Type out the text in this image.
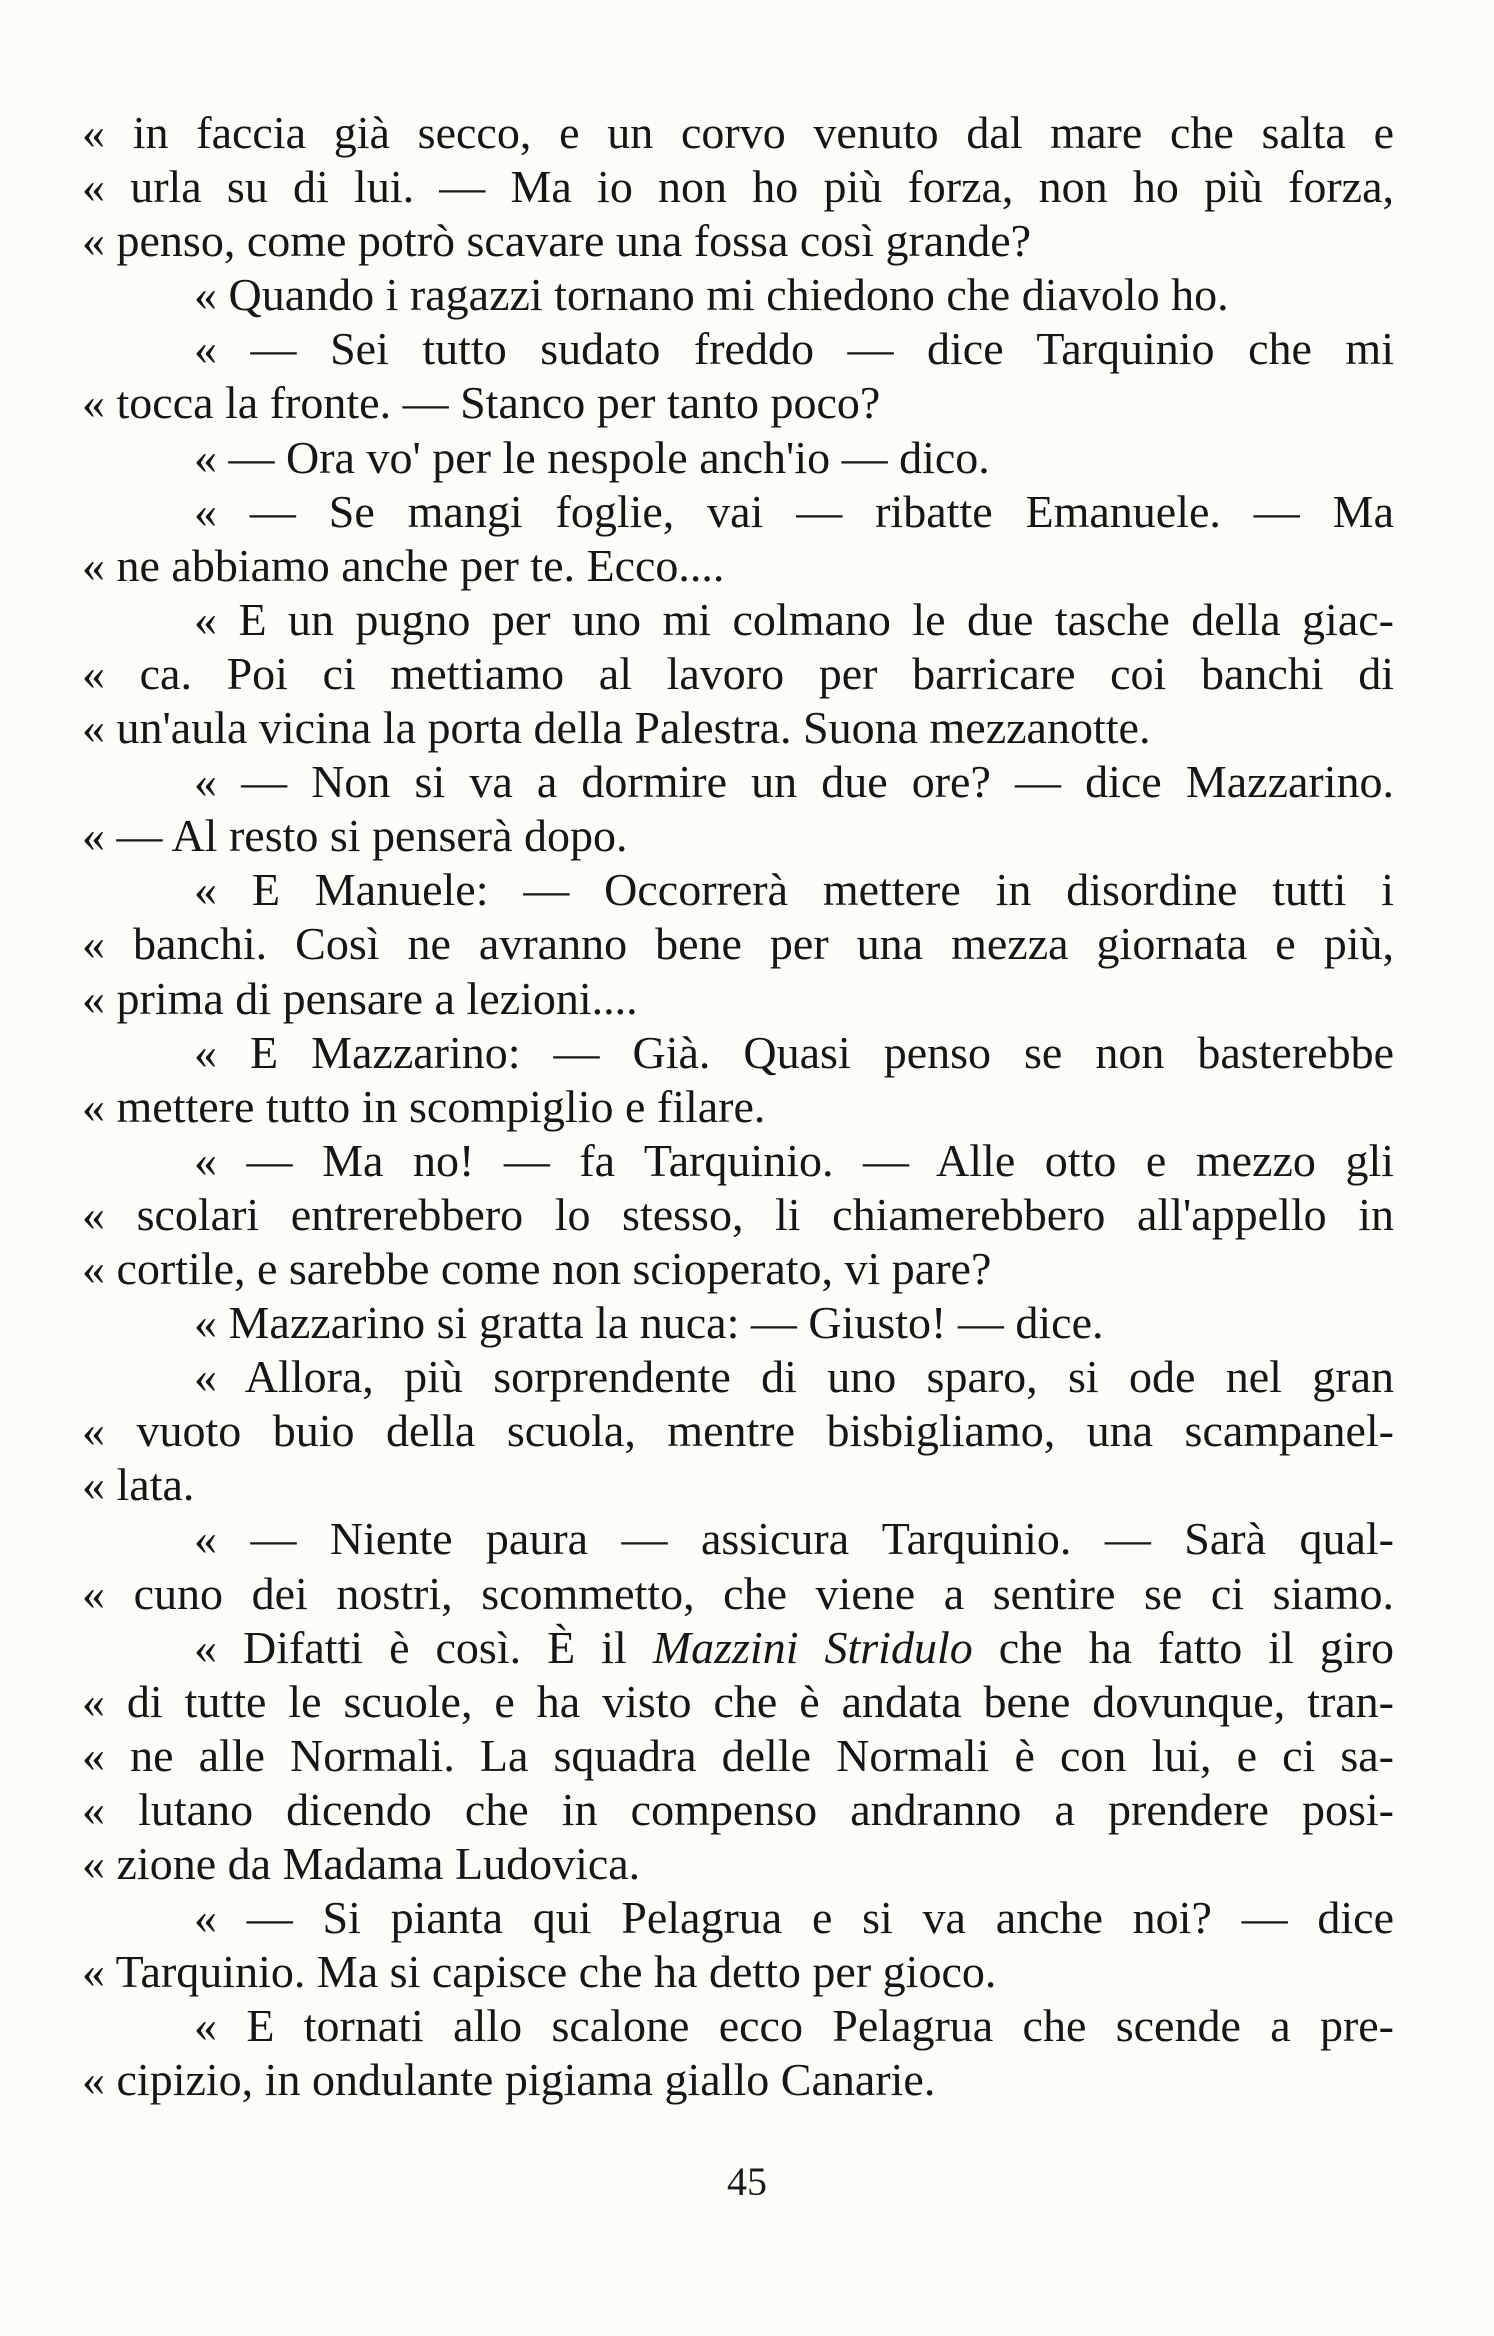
« in faccia già secco, e un corvo venuto dal mare che salta e
« urla su di lui. — Ma io non ho più forza, non ho più forza,
« penso, come potrò scavare una fossa così grande?
« Quando i ragazzi tornano mi chiedono che diavolo ho.
« — Sei tutto sudato freddo — dice Tarquinio che mi
« tocca la fronte. — Stanco per tanto poco?
« — Ora vo' per le nespole anch'io — dico.
« — Se mangi foglie, vai — ribatte Emanuele. — Ma
« ne abbiamo anche per te. Ecco....
« E un pugno per uno mi colmano le due tasche della giac-
« ca. Poi ci mettiamo al lavoro per barricare coi banchi di
« un'aula vicina la porta della Palestra. Suona mezzanotte.
« — Non si va a dormire un due ore? — dice Mazzarino.
« — Al resto si penserà dopo.
« E Manuele: — Occorrerà mettere in disordine tutti i
« banchi. Così ne avranno bene per una mezza giornata e più,
« prima di pensare a lezioni....
« E Mazzarino: — Già. Quasi penso se non basterebbe
« mettere tutto in scompiglio e filare.
« — Ma no! — fa Tarquinio. — Alle otto e mezzo gli
« scolari entrerebbero lo stesso, li chiamerebbero all'appello in
« cortile, e sarebbe come non scioperato, vi pare?
« Mazzarino si gratta la nuca: — Giusto! — dice.
« Allora, più sorprendente di uno sparo, si ode nel gran
« vuoto buio della scuola, mentre bisbigliamo, una scampanel-
« lata.
« — Niente paura — assicura Tarquinio. — Sarà qual-
« cuno dei nostri, scommetto, che viene a sentire se ci siamo.
« Difatti è così. È il Mazzini Stridulo che ha fatto il giro
« di tutte le scuole, e ha visto che è andata bene dovunque, tran-
« ne alle Normali. La squadra delle Normali è con lui, e ci sa-
« lutano dicendo che in compenso andranno a prendere posi-
« zione da Madama Ludovica.
« — Si pianta qui Pelagrua e si va anche noi? — dice
« Tarquinio. Ma si capisce che ha detto per gioco.
« E tornati allo scalone ecco Pelagrua che scende a pre-
« cipizio, in ondulante pigiama giallo Canarie.
45
